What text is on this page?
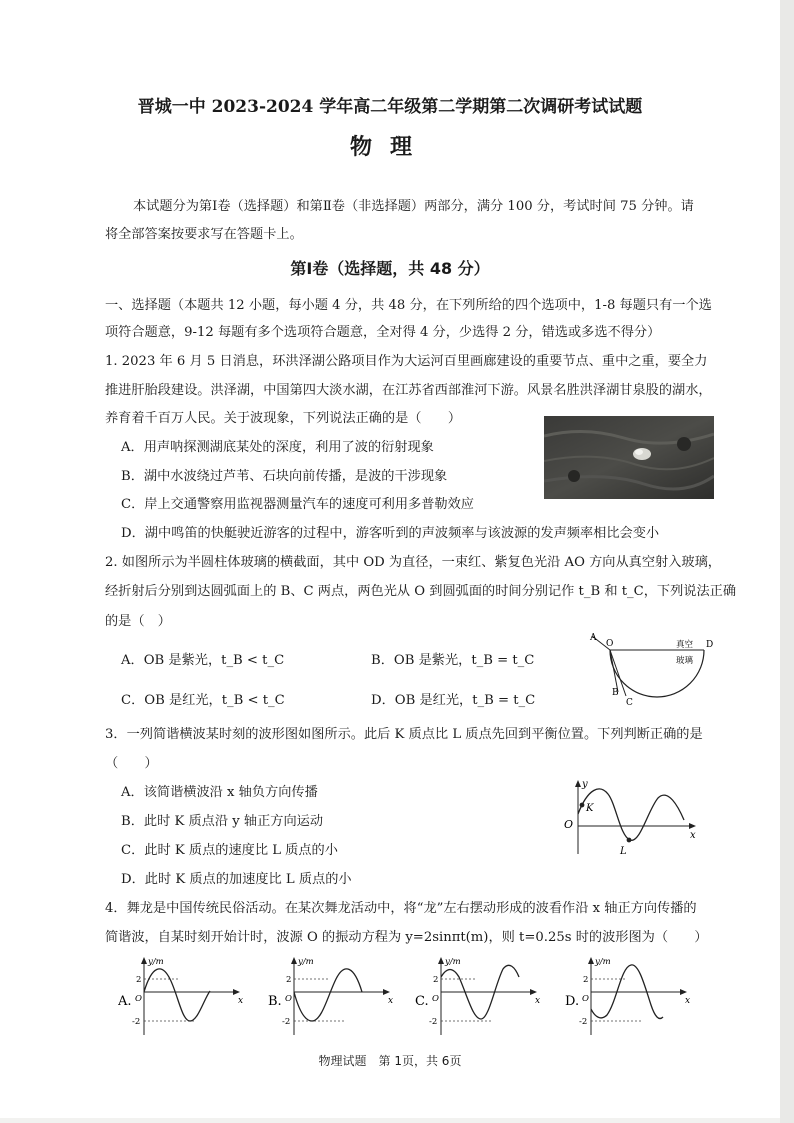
晋城一中 2023-2024 学年高二年级第二学期第二次调研考试试题
物理
本试题分为第Ⅰ卷（选择题）和第Ⅱ卷（非选择题）两部分，满分 100 分，考试时间 75 分钟。请
将全部答案按要求写在答题卡上。
第Ⅰ卷（选择题，共 48 分）
一、选择题（本题共 12 小题，每小题 4 分，共 48 分，在下列所给的四个选项中，1-8 每题只有一个选
项符合题意，9-12 每题有多个选项符合题意，全对得 4 分，少选得 2 分，错选或多选不得分）
1. 2023 年 6 月 5 日消息，环洪泽湖公路项目作为大运河百里画廊建设的重要节点、重中之重，要全力
推进肝胎段建设。洪泽湖，中国第四大淡水湖，在江苏省西部淮河下游。风景名胜洪泽湖甘泉股的湖水，
养育着千百万人民。关于波现象，下列说法正确的是（　　）
A．用声呐探测湖底某处的深度，利用了波的衍射现象
B．湖中水波绕过芦苇、石块向前传播，是波的干涉现象
C．岸上交通警察用监视器测量汽车的速度可利用多普勒效应
D．湖中鸣笛的快艇驶近游客的过程中，游客听到的声波频率与该波源的发声频率相比会变小
2. 如图所示为半圆柱体玻璃的横截面，其中 OD 为直径，一束红、紫复色光沿 AO 方向从真空射入玻璃，
经折射后分别到达圆弧面上的 B、C 两点，两色光从 O 到圆弧面的时间分别记作 t_B 和 t_C，下列说法正确
的是（　）
A．OB 是紫光，t_B < t_C	B．OB 是紫光，t_B = t_C
C．OB 是红光，t_B < t_C	D．OB 是红光，t_B = t_C
A
O	D
B
C
真空
玻璃
3．一列简谐横波某时刻的波形图如图所示。此后 K 质点比 L 质点先回到平衡位置。下列判断正确的是
（　　）
A．该简谐横波沿 x 轴负方向传播
B．此时 K 质点沿 y 轴正方向运动
C．此时 K 质点的速度比 L 质点的小
D．此时 K 质点的加速度比 L 质点的小
y
x
O
K
L
4．舞龙是中国传统民俗活动。在某次舞龙活动中，将“龙”左右摆动形成的波看作沿 x 轴正方向传播的
简谐波，自某时刻开始计时，波源 O 的振动方程为 y=2sinπt(m)，则 t=0.25s 时的波形图为（　　）
A.
y/m
x
2
-2
O	B.
y/m
x
2
-2
O	C.
y/m
x
2
-2
O	D.
y/m
x
2
-2
O
物理试题　第 1页，共 6页
